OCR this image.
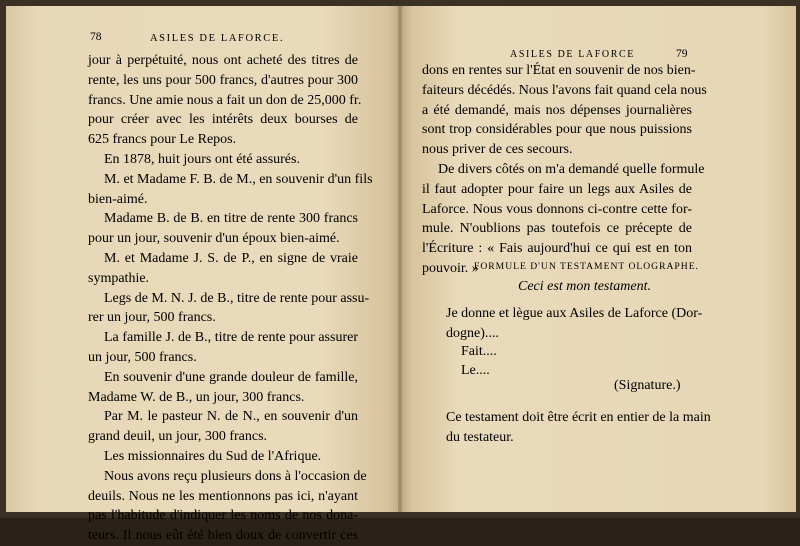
78	ASILES DE LAFORCE.
jour à perpétuité, nous ont acheté des titres de
rente, les uns pour 500 francs, d'autres pour 300
francs. Une amie nous a fait un don de 25,000 fr.
pour créer avec les intérêts deux bourses de
625 francs pour Le Repos.
En 1878, huit jours ont été assurés.
M. et Madame F. B. de M., en souvenir d'un fils
bien-aimé.
Madame B. de B. en titre de rente 300 francs
pour un jour, souvenir d'un époux bien-aimé.
M. et Madame J. S. de P., en signe de vraie
sympathie.
Legs de M. N. J. de B., titre de rente pour assu-
rer un jour, 500 francs.
La famille J. de B., titre de rente pour assurer
un jour, 500 francs.
En souvenir d'une grande douleur de famille,
Madame W. de B., un jour, 300 francs.
Par M. le pasteur N. de N., en souvenir d'un
grand deuil, un jour, 300 francs.
Les missionnaires du Sud de l'Afrique.
Nous avons reçu plusieurs dons à l'occasion de
deuils. Nous ne les mentionnons pas ici, n'ayant
pas l'habitude d'indiquer les noms de nos dona-
teurs. Il nous eût été bien doux de convertir ces
ASILES DE LAFORCE	79
dons en rentes sur l'État en souvenir de nos bien-
faiteurs décédés. Nous l'avons fait quand cela nous
a été demandé, mais nos dépenses journalières
sont trop considérables pour que nous puissions
nous priver de ces secours.
De divers côtés on m'a demandé quelle formule
il faut adopter pour faire un legs aux Asiles de
Laforce. Nous vous donnons ci-contre cette for-
mule. N'oublions pas toutefois ce précepte de
l'Écriture : « Fais aujourd'hui ce qui est en ton
pouvoir. »
FORMULE D'UN TESTAMENT OLOGRAPHE.
Ceci est mon testament.
Je donne et lègue aux Asiles de Laforce (Dor-
dogne)....
Fait....
Le....
(Signature.)
Ce testament doit être écrit en entier de la main
du testateur.
